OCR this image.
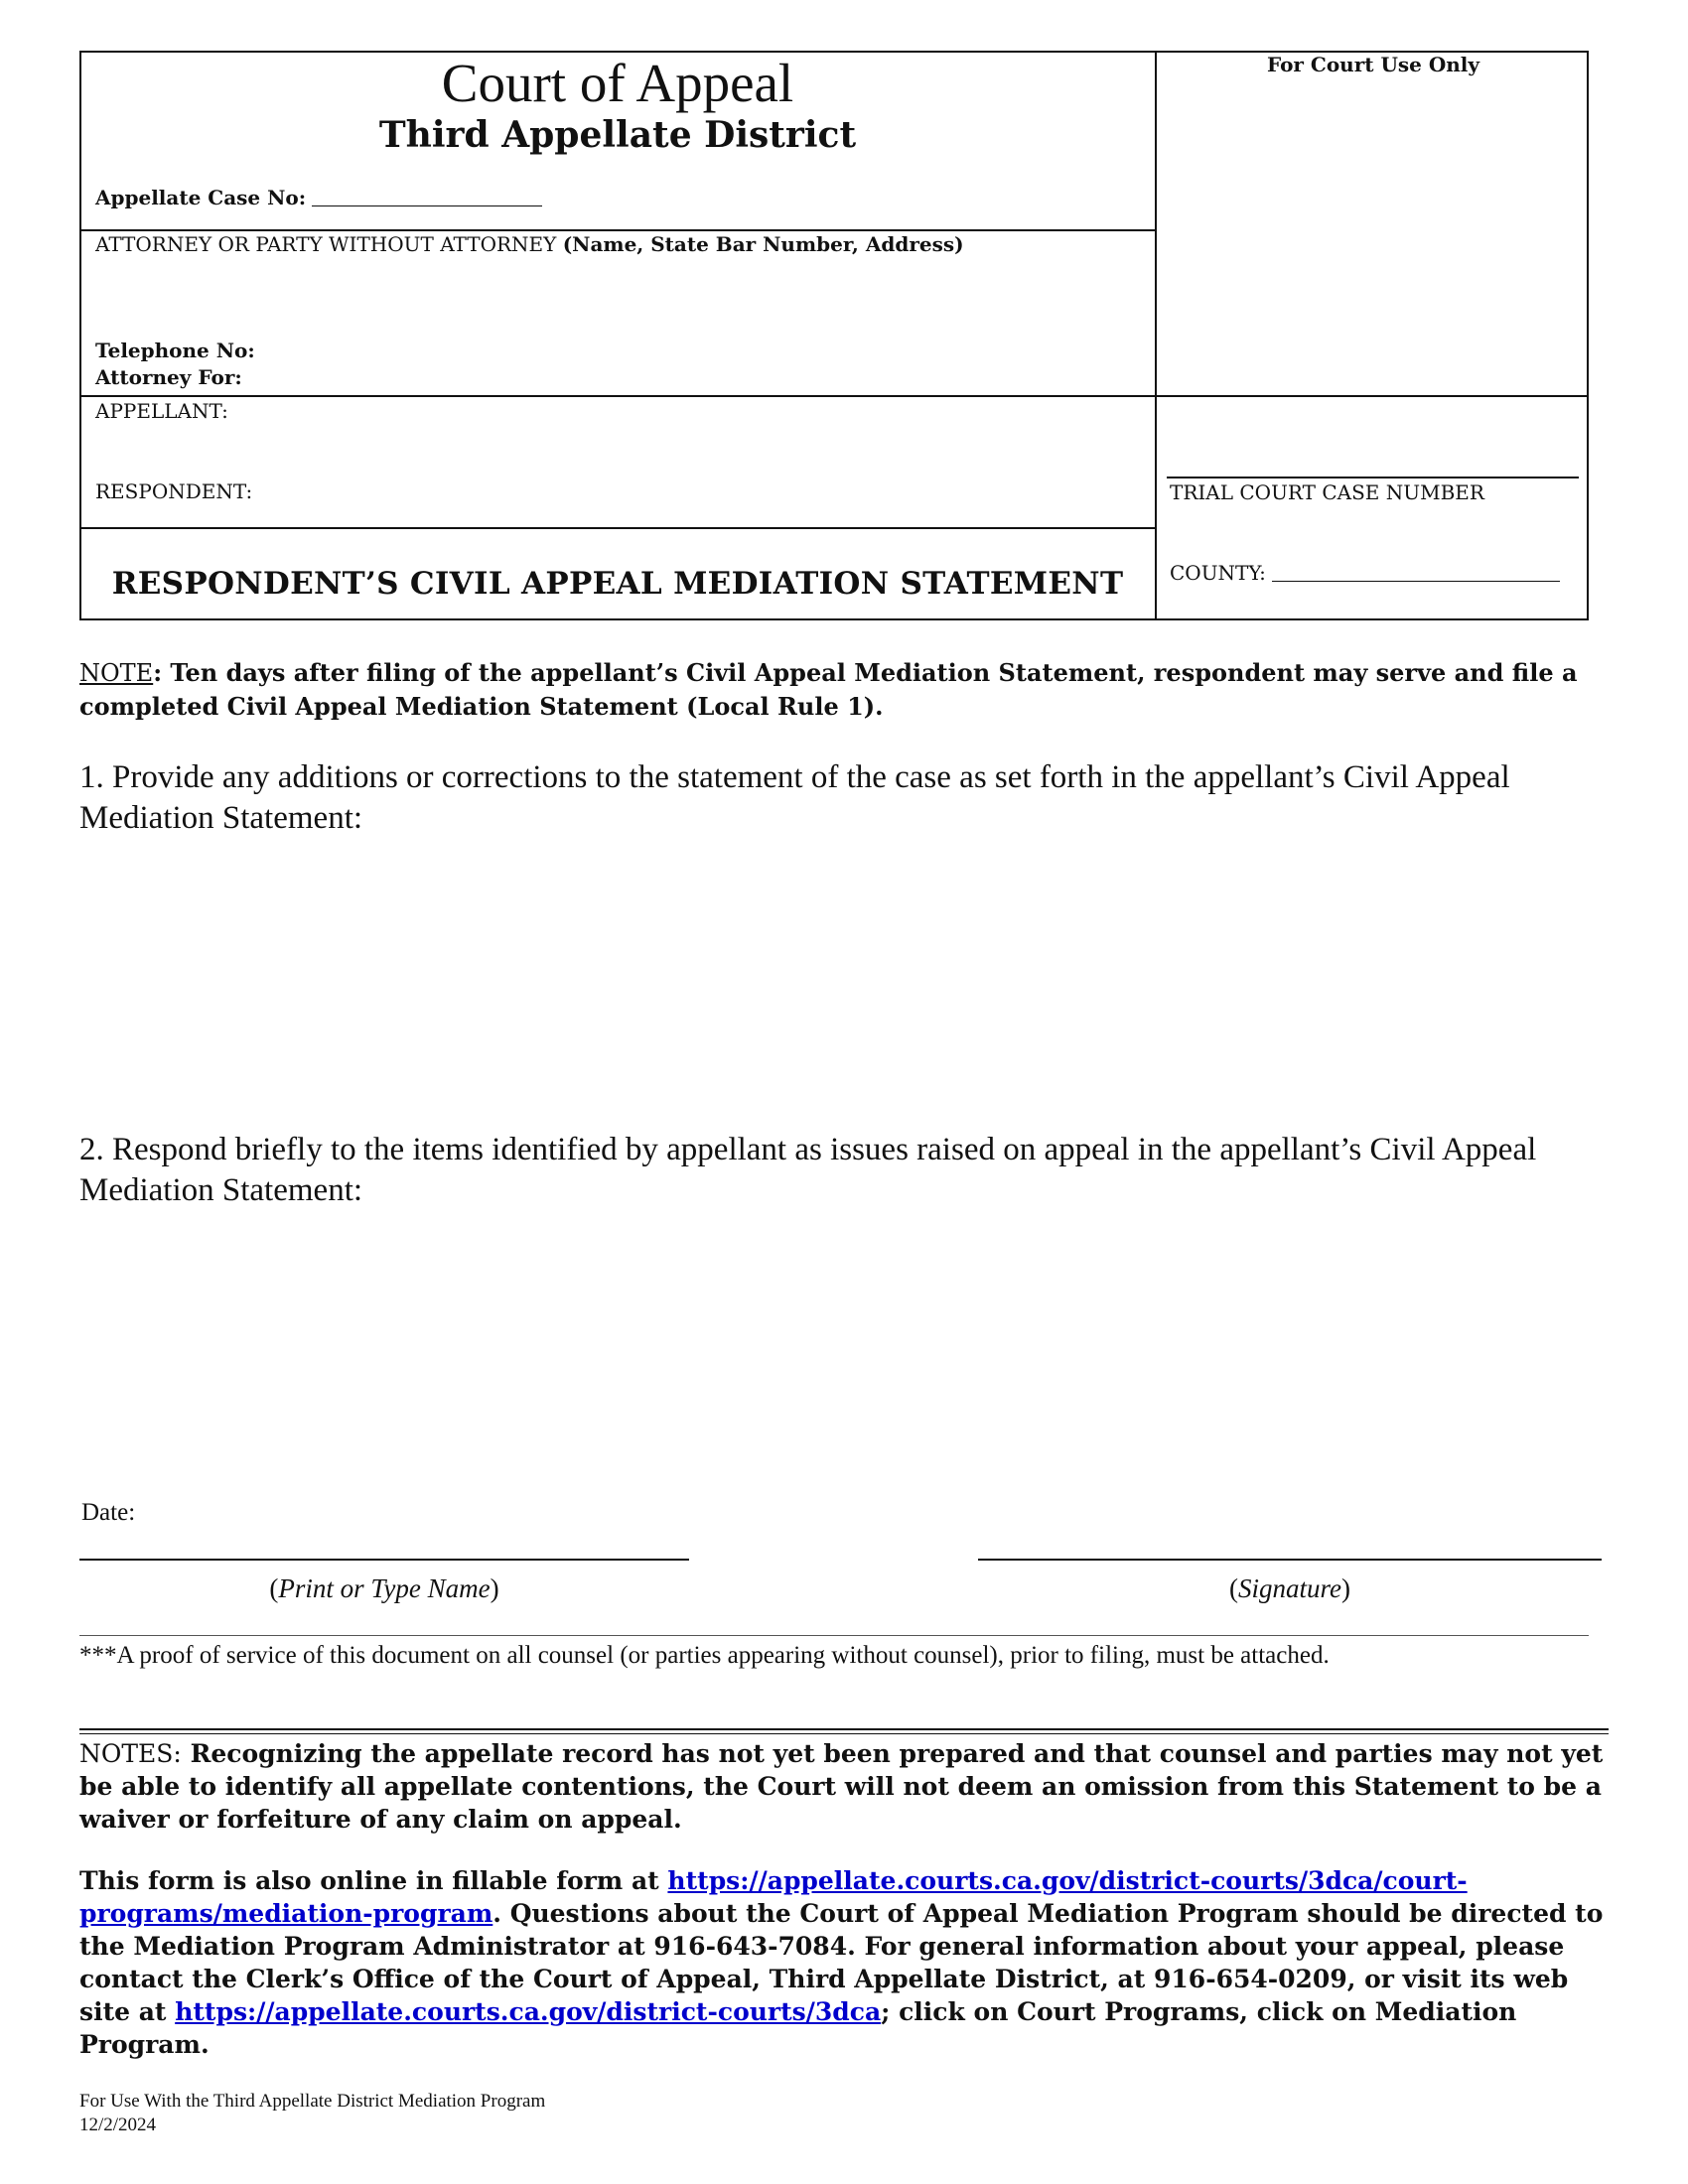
Court of Appeal
Third Appellate District
Appellate Case No:
ATTORNEY OR PARTY WITHOUT ATTORNEY (Name, State Bar Number, Address)
Telephone No:
Attorney For:
APPELLANT:
RESPONDENT:
RESPONDENT’S CIVIL APPEAL MEDIATION STATEMENT
For Court Use Only
TRIAL COURT CASE NUMBER
COUNTY:
NOTE: Ten days after filing of the appellant’s Civil Appeal Mediation Statement, respondent may serve and file a completed Civil Appeal Mediation Statement (Local Rule 1).
1. Provide any additions or corrections to the statement of the case as set forth in the appellant’s Civil Appeal Mediation Statement:
2. Respond briefly to the items identified by appellant as issues raised on appeal in the appellant’s Civil Appeal Mediation Statement:
Date:
(Print or Type Name)	(Signature)
***A proof of service of this document on all counsel (or parties appearing without counsel), prior to filing, must be attached.
NOTES: Recognizing the appellate record has not yet been prepared and that counsel and parties may not yet be able to identify all appellate contentions, the Court will not deem an omission from this Statement to be a waiver or forfeiture of any claim on appeal.
This form is also online in fillable form at https://appellate.courts.ca.gov/district-courts/3dca/court-programs/mediation-program. Questions about the Court of Appeal Mediation Program should be directed to the Mediation Program Administrator at 916-643-7084. For general information about your appeal, please contact the Clerk’s Office of the Court of Appeal, Third Appellate District, at 916-654-0209, or visit its web site at https://appellate.courts.ca.gov/district-courts/3dca; click on Court Programs, click on Mediation Program.
For Use With the Third Appellate District Mediation Program
12/2/2024
